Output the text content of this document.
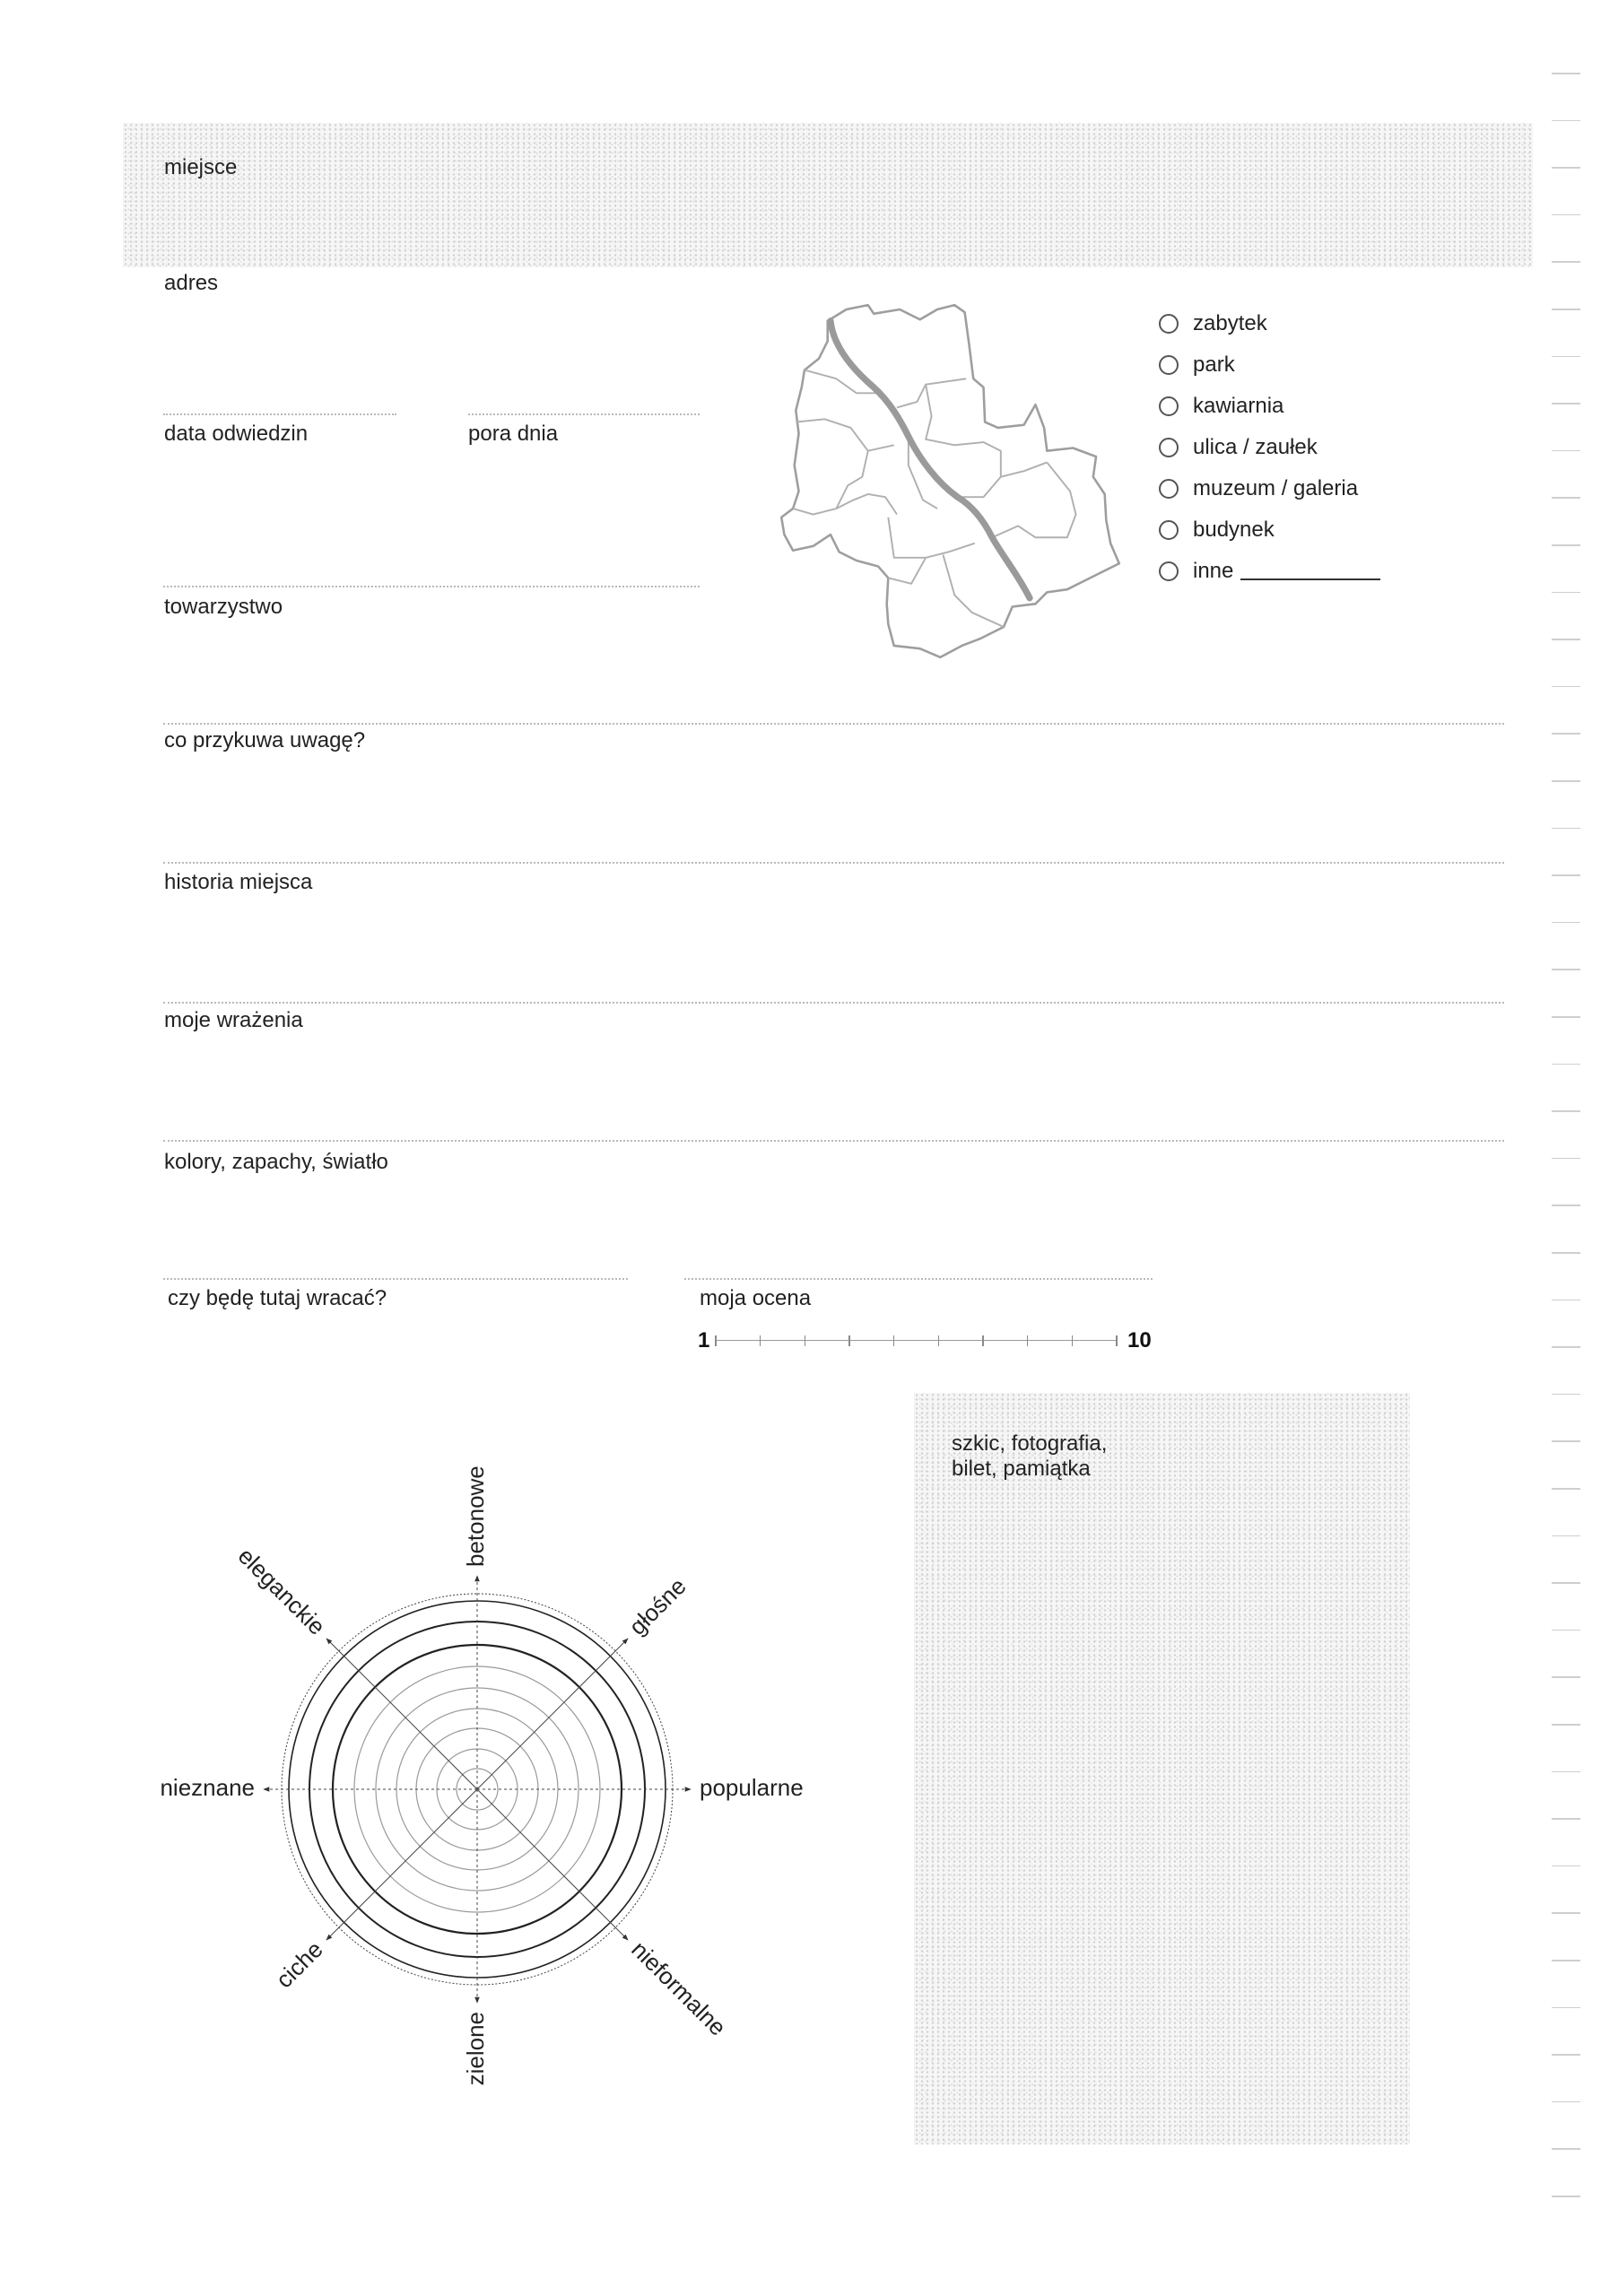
miejsce
adres
data odwiedzin	pora dnia
towarzystwo
co przykuwa uwagę?
historia miejsca
moje wrażenia
kolory, zapachy, światło
czy będę tutaj wracać?	moja ocena
1	10
zabytek
park
kawiarnia
ulica / zaułek
muzeum / galeria
budynek
inne
betonowe
głośne
popularne
nieformalne
zielone
ciche
nieznane
eleganckie
szkic, fotografia,
bilet, pamiątka
